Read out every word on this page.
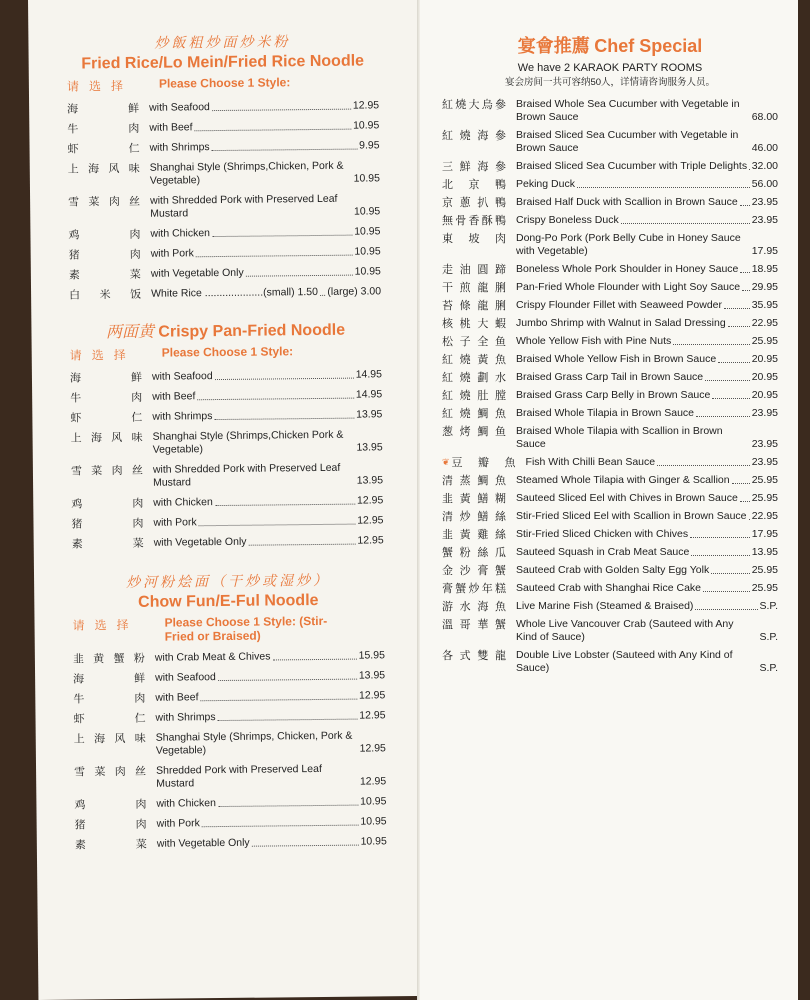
炒飯粗炒面炒米粉
Fried Rice/Lo Mein/Fried Rice Noodle
请选择 Please Choose 1 Style:
海鲜 with Seafood	12.95
牛肉 with Beef	10.95
虾仁 with Shrimps	9.95
上海风味 Shanghai Style (Shrimps,Chicken, Pork & Vegetable)	10.95
雪菜肉丝 with Shredded Pork with Preserved Leaf Mustard	10.95
鸡肉 with Chicken	10.95
猪肉 with Pork	10.95
素菜 with Vegetable Only	10.95
白米饭 White Rice ....................(small) 1.50 (large) 3.00
两面黄 Crispy Pan-Fried Noodle
请选择 Please Choose 1 Style:
海鲜 with Seafood	14.95
牛肉 with Beef	14.95
虾仁 with Shrimps	13.95
上海风味 Shanghai Style (Shrimps,Chicken Pork & Vegetable)	13.95
雪菜肉丝 with Shredded Pork with Preserved Leaf Mustard	13.95
鸡肉 with Chicken	12.95
猪肉 with Pork	12.95
素菜 with Vegetable Only	12.95
炒河粉烩面（干炒或湿炒）
Chow Fun/E-Ful Noodle
请选择 Please Choose 1 Style: (Stir-Fried or Braised)
韭黄蟹粉 with Crab Meat & Chives	15.95
海鲜 with Seafood	13.95
牛肉 with Beef	12.95
虾仁 with Shrimps	12.95
上海风味 Shanghai Style (Shrimps, Chicken, Pork & Vegetable)	12.95
雪菜肉丝 Shredded Pork with Preserved Leaf Mustard	12.95
鸡肉 with Chicken	10.95
猪肉 with Pork	10.95
素菜 with Vegetable Only	10.95
宴會推薦 Chef Special
We have 2 KARAOK PARTY ROOMS
宴会房间一共可容纳50人，详情请咨询服务人员。
紅燒大烏參 Braised Whole Sea Cucumber with Vegetable in Brown Sauce	68.00
紅燒海參 Braised Sliced Sea Cucumber with Vegetable in Brown Sauce	46.00
三鮮海參 Braised Sliced Sea Cucumber with Triple Delights 32.00
北京鴨 Peking Duck	56.00
京蔥扒鴨 Braised Half Duck with Scallion in Brown Sauce 23.95
無骨香酥鴨 Crispy Boneless Duck	23.95
東坡肉 Dong-Po Pork (Pork Belly Cube in Honey Sauce with Vegetable)	17.95
走油圓蹄 Boneless Whole Pork Shoulder in Honey Sauce 18.95
干煎龍脷 Pan-Fried Whole Flounder with Light Soy Sauce 29.95
苔條龍脷 Crispy Flounder Fillet with Seaweed Powder	35.95
核桃大蝦 Jumbo Shrimp with Walnut in Salad Dressing 22.95
松子全鱼 Whole Yellow Fish with Pine Nuts	25.95
紅燒黃魚 Braised Whole Yellow Fish in Brown Sauce	20.95
紅燒劃水 Braised Grass Carp Tail in Brown Sauce	20.95
紅燒肚膛 Braised Grass Carp Belly in Brown Sauce	20.95
紅燒鯛魚 Braised Whole Tilapia in Brown Sauce	23.95
葱烤鯛鱼 Braised Whole Tilapia with Scallion in Brown Sauce	23.95
❦ 豆瓣魚 Fish With Chilli Bean Sauce	23.95
清蒸鯛魚 Steamed Whole Tilapia with Ginger & Scallion 25.95
韭黃鱔糊 Sauteed Sliced Eel with Chives in Brown Sauce 25.95
清炒鱔絲 Stir-Fried Sliced Eel with Scallion in Brown Sauce 22.95
韭黃雞絲 Stir-Fried Sliced Chicken with Chives	17.95
蟹粉絲瓜 Sauteed Squash in Crab Meat Sauce	13.95
金沙膏蟹 Sauteed Crab with Golden Salty Egg Yolk	25.95
膏蟹炒年糕 Sauteed Crab with Shanghai Rice Cake	25.95
游水海魚 Live Marine Fish (Steamed & Braised)	S.P.
溫哥華蟹 Whole Live Vancouver Crab (Sauteed with Any Kind of Sauce)	S.P.
各式雙龍 Double Live Lobster (Sauteed with Any Kind of Sauce)	S.P.
